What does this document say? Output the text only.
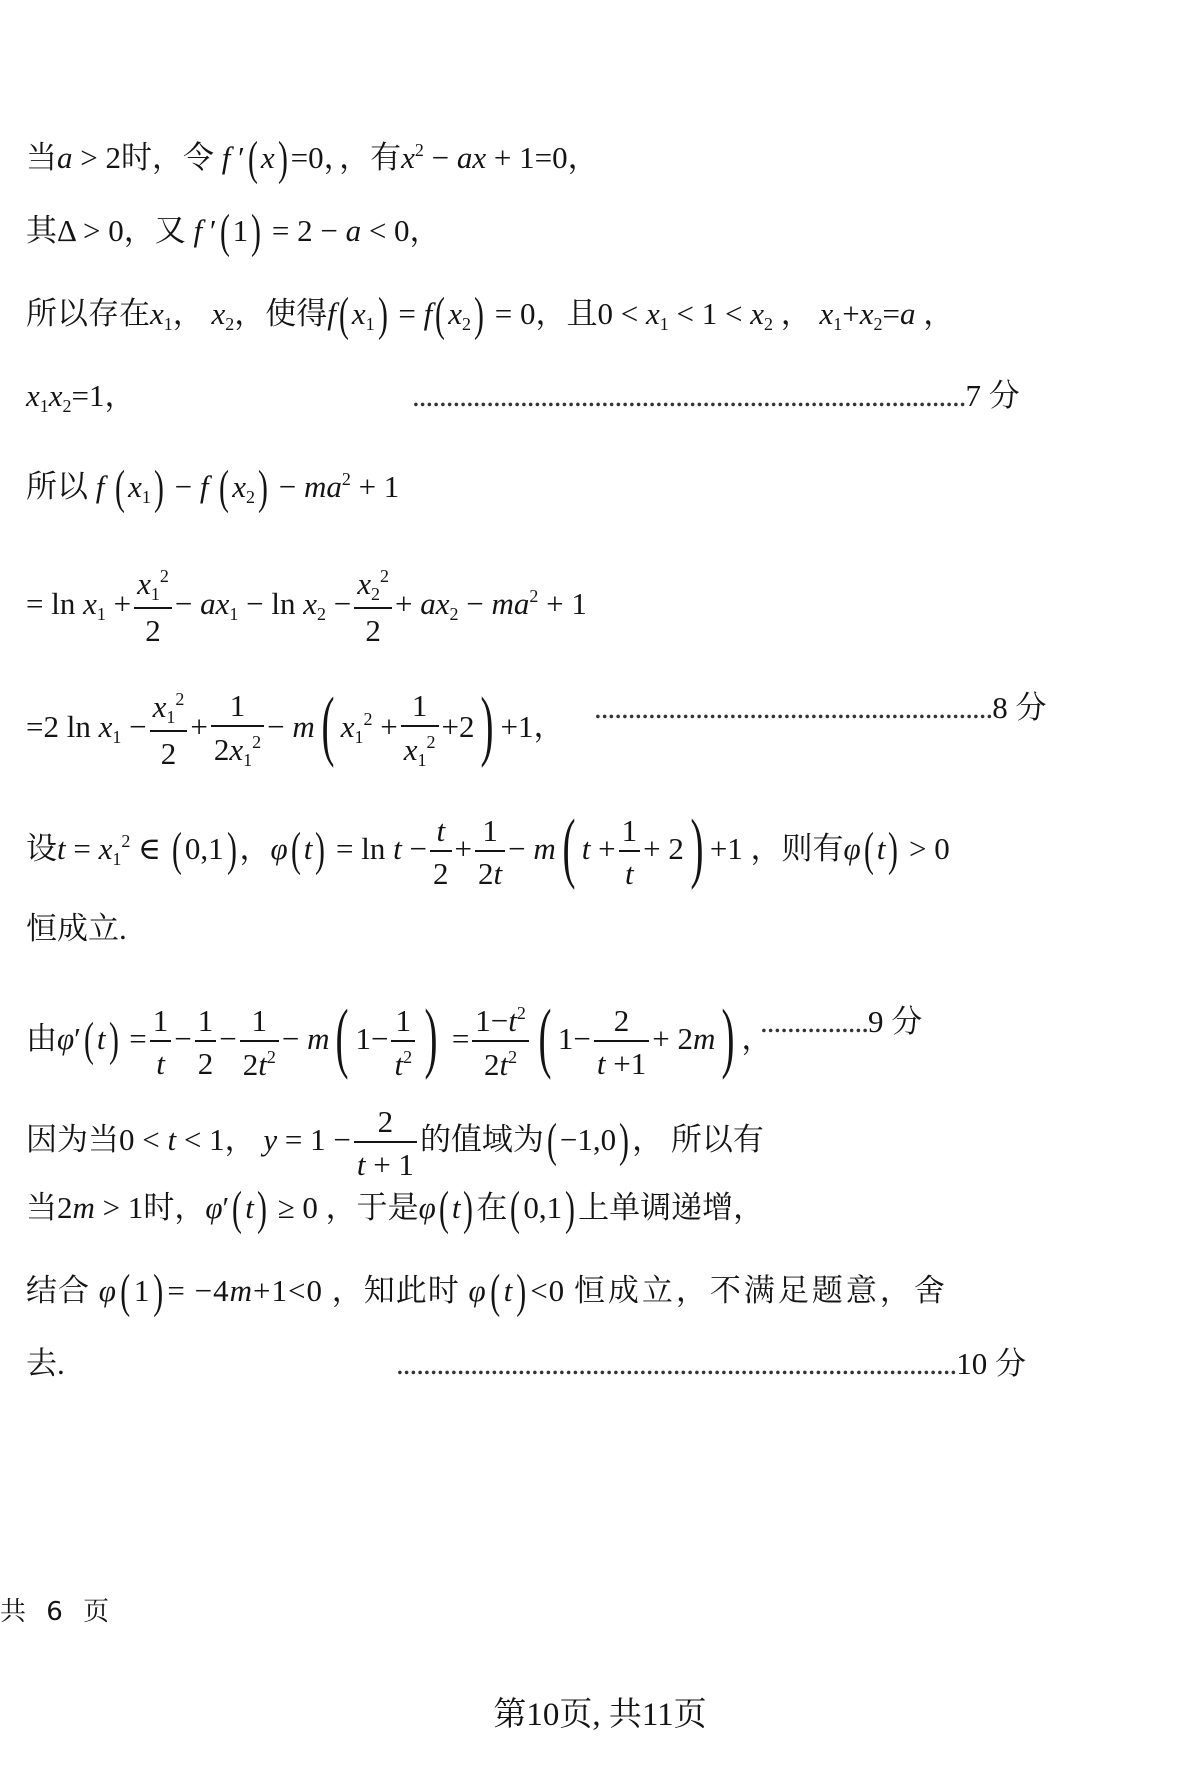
当a > 2时，令 f ′(x)=0，，有$x^2$ − ax + 1=0，
其Δ > 0，又 f ′(1) = 2 − a < 0，
所以存在$x_1$， $x_2$，使得$f(x_1) = f(x_2) = 0$，且$0 < x_1 < 1 < x_2$ ， $x_1+x_2=a$ ，
$x_1x_2=1$，	..................................................................................7 分
所以 f $(x_1) - f$ $(x_2) - ma^2 + 1$
= $\ln x_1 + \frac{x_1^2}{2} - ax_1 - \ln x_2 - \frac{x_2^2}{2} + ax_2 - ma^2 + 1$
=2 $\ln x_1 - \frac{x_1^2}{2} + \frac{1}{2x_1^2} - m$( $x_1^2 + \frac{1}{x_1^2} +2) +1$，
...........................................................8 分
设$t = x_1^2$ ∈ (0,1)，$\varphi(t) = \ln t - \frac{t}{2} + \frac{1}{2t} - m$( $t + \frac{1}{t} + 2) +1$ ，则有φ(t) > 0
恒成立.
由$\varphi'(t) = \frac{1}{t} - \frac{1}{2} - \frac{1}{2t^2} - m$( $1- \frac{1}{t^2}$ ) = $\frac{1-t^2}{2t^2}$ ( $1- \frac{2}{t +1} + 2m$) ，
................9 分
因为当0 < t < 1， $y = 1 - \frac{2}{t + 1}$ 的值域为(−1,0)， 所以有
当2m > 1时，φ′(t) ≥ 0 ，于是φ(t)在(0,1)上单调递增，
结合 φ( 1) = −4m+1<0 ，知此时 φ( t) <0 恒成立，不满足题意，舍
去.	...................................................................................10 分
共 6 页
第10页, 共11页
